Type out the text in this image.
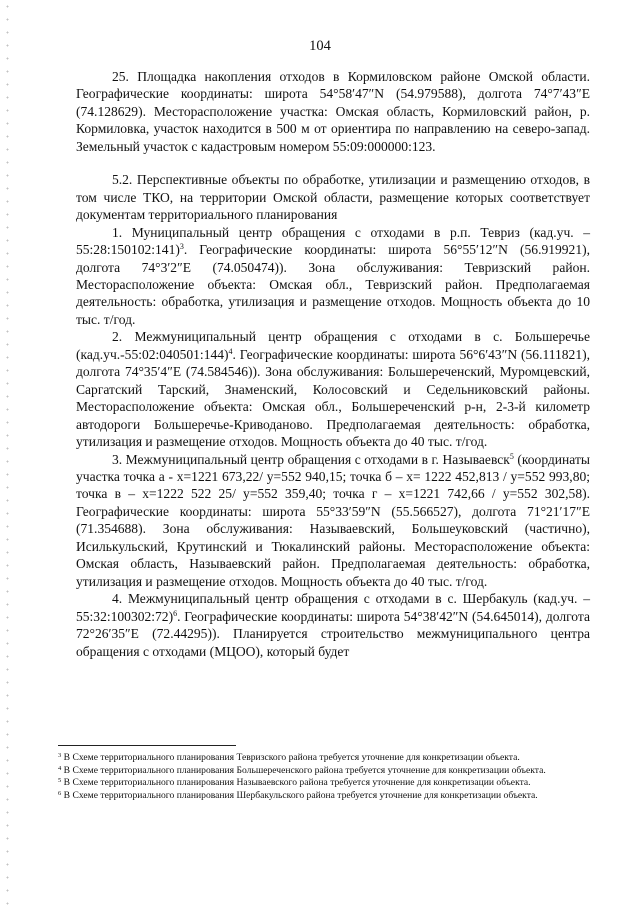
104

25. Площадка накопления отходов в Кормиловском районе Омской области. Географические координаты: широта 54°58′47″N (54.979588), долгота 74°7′43″E (74.128629). Месторасположение участка: Омская область, Кормиловский район, р. Кормиловка, участок находится в 500 м от ориентира по направлению на северо-запад. Земельный участок с кадастровым номером 55:09:000000:123.

5.2. Перспективные объекты по обработке, утилизации и размещению отходов, в том числе ТКО, на территории Омской области, размещение которых соответствует документам территориального планирования

1. Муниципальный центр обращения с отходами в р.п. Тевриз (кад.уч. – 55:28:150102:141)$^3$. Географические координаты: широта 56°55′12″N (56.919921), долгота 74°3′2″E (74.050474)). Зона обслуживания: Тевризский район. Месторасположение объекта: Омская обл., Тевризский район. Предполагаемая деятельность: обработка, утилизация и размещение отходов. Мощность объекта до 10 тыс. т/год.

2. Межмуниципальный центр обращения с отходами в с. Большеречье (кад.уч.-55:02:040501:144)$^4$. Географические координаты: широта 56°6′43″N (56.111821), долгота 74°35′4″E (74.584546)). Зона обслуживания: Большереченский, Муромцевский, Саргатский Тарский, Знаменский, Колосовский и Седельниковский районы. Месторасположение объекта: Омская обл., Большереченский р-н, 2-3-й километр автодороги Большеречье-Криводаново. Предполагаемая деятельность: обработка, утилизация и размещение отходов. Мощность объекта до 40 тыс. т/год.

3. Межмуниципальный центр обращения с отходами в г. Называевск$^5$ (координаты участка точка а - х=1221 673,22/ у=552 940,15; точка б – х= 1222 452,813 / у=552 993,80; точка в – х=1222 522 25/ у=552 359,40; точка г – х=1221 742,66 / у=552 302,58). Географические координаты: широта 55°33′59″N (55.566527), долгота 71°21′17″E (71.354688). Зона обслуживания: Называевский, Большеуковский (частично), Исилькульский, Крутинский и Тюкалинский районы. Месторасположение объекта: Омская область, Называевский район. Предполагаемая деятельность: обработка, утилизация и размещение отходов. Мощность объекта до 40 тыс. т/год.

4. Межмуниципальный центр обращения с отходами в с. Шербакуль (кад.уч. – 55:32:100302:72)$^6$. Географические координаты: широта 54°38′42″N (54.645014), долгота 72°26′35″E (72.44295)). Планируется строительство межмуниципального центра обращения с отходами (МЦОО), который будет

$^3$ В Схеме территориального планирования Тевризского района требуется уточнение для конкретизации объекта.
$^4$ В Схеме территориального планирования Большереченского района требуется уточнение для конкретизации объекта.
$^5$ В Схеме территориального планирования Называевского района требуется уточнение для конкретизации объекта.
$^6$ В Схеме территориального планирования Шербакульского района требуется уточнение для конкретизации объекта.
